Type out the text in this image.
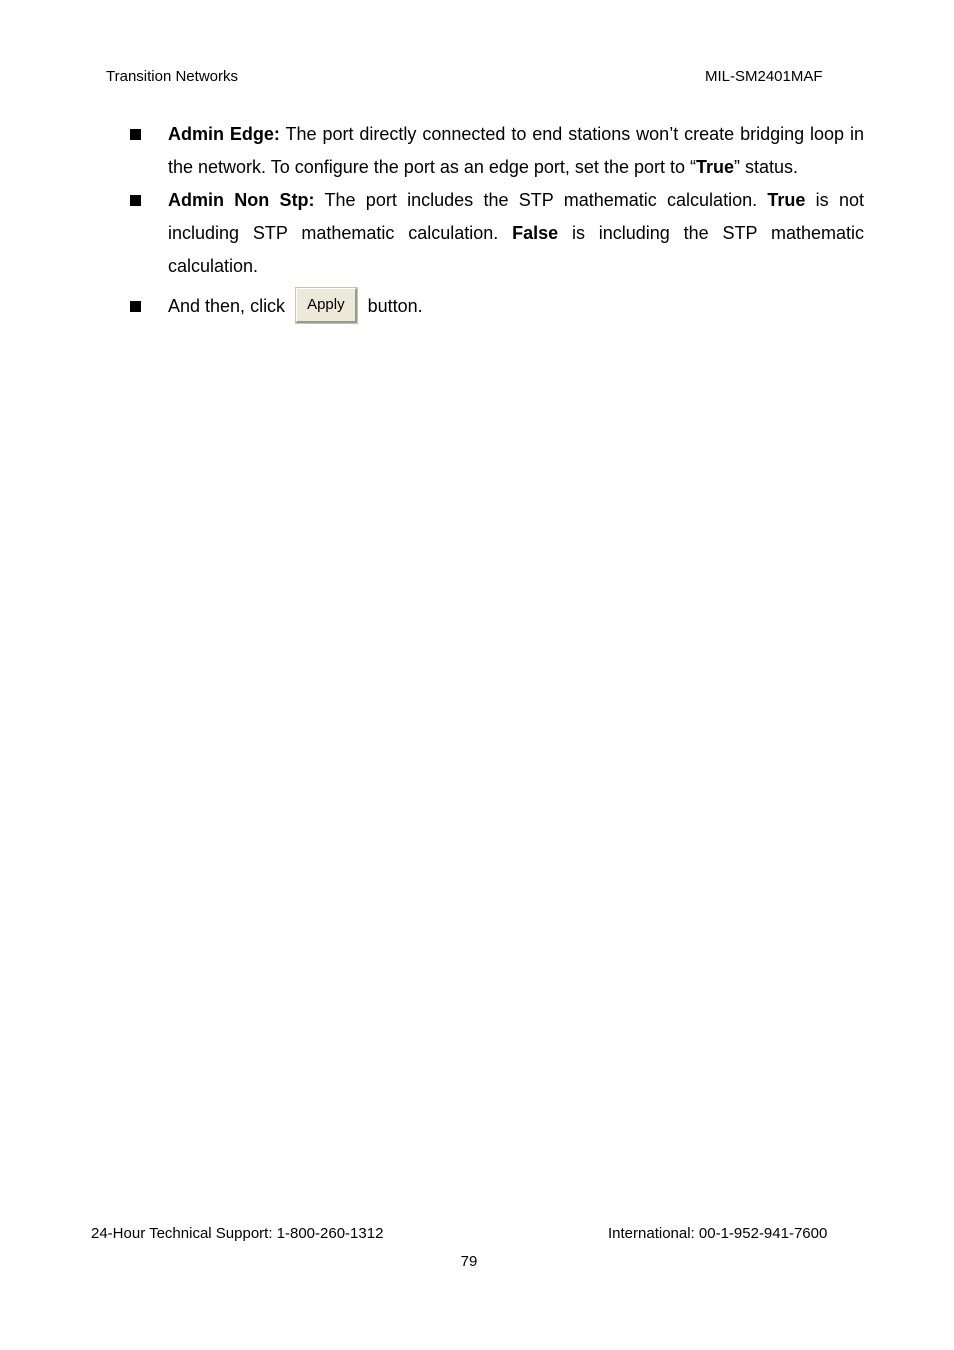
Transition Networks	MIL-SM2401MAF
Admin Edge: The port directly connected to end stations won’t create bridging loop in the network. To configure the port as an edge port, set the port to “True” status.
Admin Non Stp: The port includes the STP mathematic calculation. True is not including STP mathematic calculation. False is including the STP mathematic calculation.
And then, click Apply button.
24-Hour Technical Support: 1-800-260-1312	International: 00-1-952-941-7600
79
